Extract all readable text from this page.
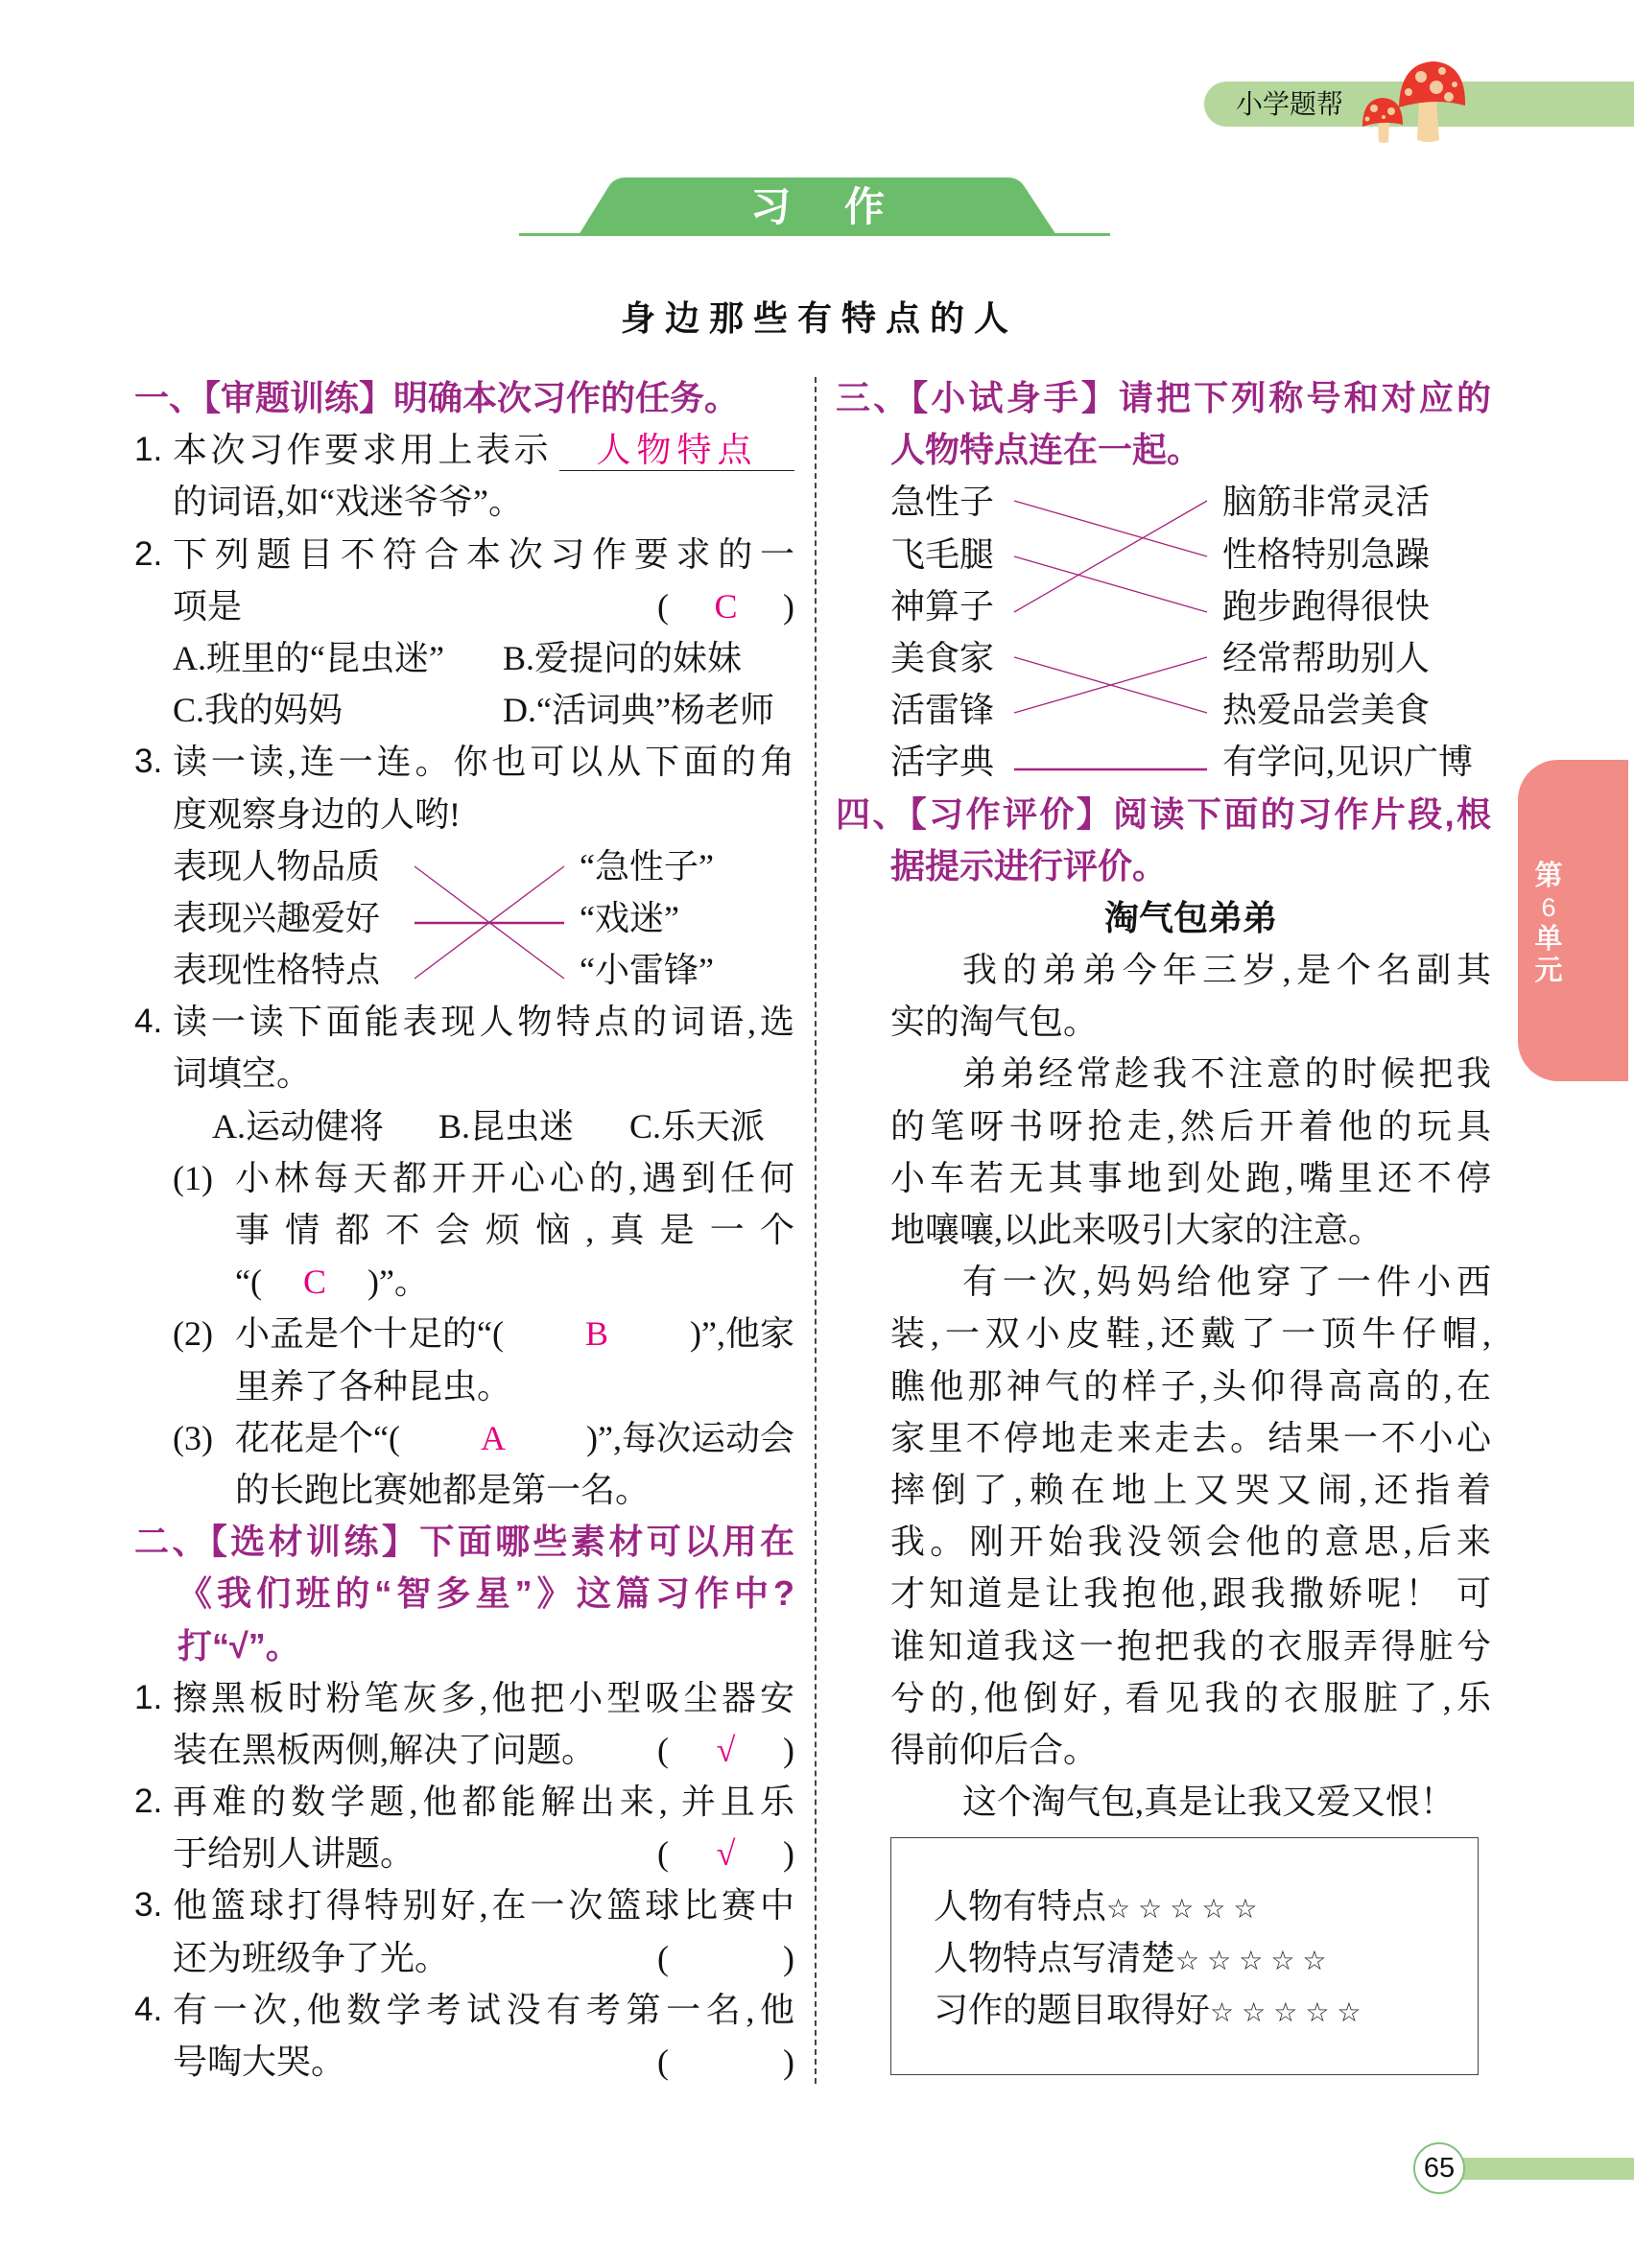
小学题帮
习 作
身边那些有特点的人
一、【审题训练】明确本次习作的任务。
1. 本次习作要求用上表示	人物特点
的词语,如“戏迷爷爷”。
2. 下列题目不符合本次习作要求的一
项是	( C )
A.班里的“昆虫迷” B.爱提问的妹妹
C.我的妈妈	D.“活词典”杨老师
3. 读一读,连一连。你也可以从下面的角
度观察身边的人哟!
表现人物品质	“急性子”
表现兴趣爱好	“戏迷”
表现性格特点	“小雷锋”
4. 读一读下面能表现人物特点的词语,选
词填空。
A.运动健将 B.昆虫迷 C.乐天派
(1) 小林每天都开开心心的,遇到任何
事情都不会烦恼,真是一个
“( C )”。
(2) 小孟是个十足的“(	B	)”,他家
里养了各种昆虫。
(3) 花花是个“(	A	)”,每次运动会
的长跑比赛她都是第一名。
二、【选材训练】下面哪些素材可以用在
《我们班的“智多星”》这篇习作中?
打“√”。
1. 擦黑板时粉笔灰多,他把小型吸尘器安
装在黑板两侧,解决了问题。 ( √ )
2. 再难的数学题,他都能解出来, 并且乐
于给别人讲题。	( √ )
3. 他篮球打得特别好,在一次篮球比赛中
还为班级争了光。	(	)
4. 有一次,他数学考试没有考第一名,他
号啕大哭。	(	)
三、【小试身手】请把下列称号和对应的
人物特点连在一起。
急性子	脑筋非常灵活
飞毛腿	性格特别急躁
神算子	跑步跑得很快
美食家	经常帮助别人
活雷锋	热爱品尝美食
活字典	有学问,见识广博
四、【习作评价】阅读下面的习作片段,根
据提示进行评价。
淘气包弟弟
我的弟弟今年三岁,是个名副其
实的淘气包。
弟弟经常趁我不注意的时候把我
的笔呀书呀抢走,然后开着他的玩具
小车若无其事地到处跑,嘴里还不停
地嚷嚷,以此来吸引大家的注意。
有一次,妈妈给他穿了一件小西
装,一双小皮鞋,还戴了一顶牛仔帽,
瞧他那神气的样子,头仰得高高的,在
家里不停地走来走去。结果一不小心
摔倒了,赖在地上又哭又闹,还指着
我。刚开始我没领会他的意思,后来
才知道是让我抱他,跟我撒娇呢！ 可
谁知道我这一抱把我的衣服弄得脏兮
兮的,他倒好, 看见我的衣服脏了,乐
得前仰后合。
这个淘气包,真是让我又爱又恨！
人物有特点☆☆☆☆☆
人物特点写清楚☆☆☆☆☆
习作的题目取得好☆☆☆☆☆
第
6
单
元
65
